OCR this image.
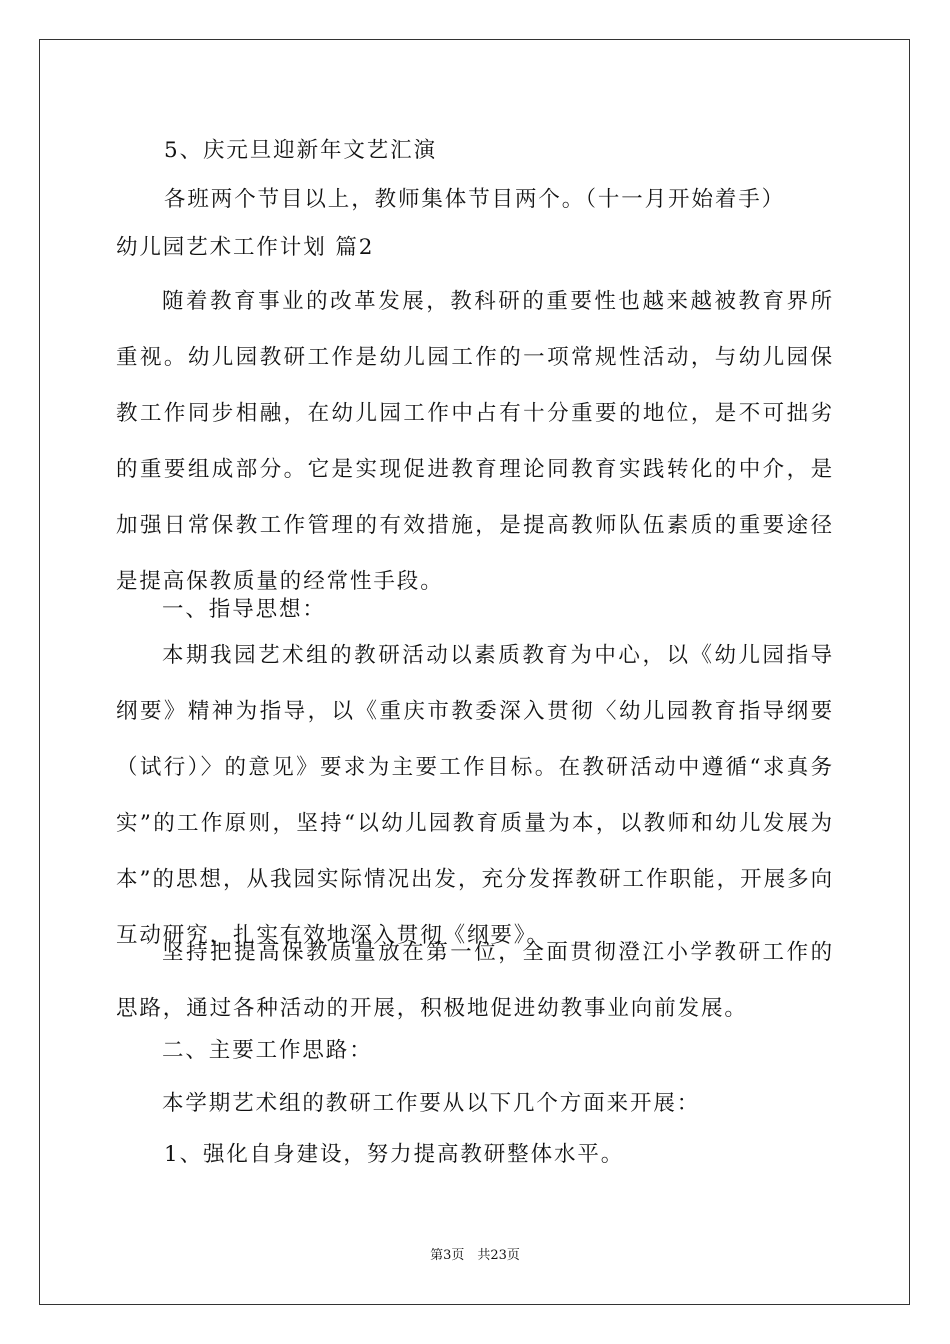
5、庆元旦迎新年文艺汇演
各班两个节目以上，教师集体节目两个。（十一月开始着手）
幼儿园艺术工作计划 篇2
随着教育事业的改革发展，教科研的重要性也越来越被教育界所重视。幼儿园教研工作是幼儿园工作的一项常规性活动，与幼儿园保教工作同步相融，在幼儿园工作中占有十分重要的地位，是不可拙劣的重要组成部分。它是实现促进教育理论同教育实践转化的中介，是加强日常保教工作管理的有效措施，是提高教师队伍素质的重要途径是提高保教质量的经常性手段。
一、指导思想：
本期我园艺术组的教研活动以素质教育为中心，以《幼儿园指导纲要》精神为指导，以《重庆市教委深入贯彻〈幼儿园教育指导纲要（试行）〉的意见》要求为主要工作目标。在教研活动中遵循“求真务实”的工作原则，坚持“以幼儿园教育质量为本，以教师和幼儿发展为本”的思想，从我园实际情况出发，充分发挥教研工作职能，开展多向互动研究，扎实有效地深入贯彻《纲要》。
坚持把提高保教质量放在第一位，全面贯彻澄江小学教研工作的思路，通过各种活动的开展，积极地促进幼教事业向前发展。
二、主要工作思路：
本学期艺术组的教研工作要从以下几个方面来开展：
1、强化自身建设，努力提高教研整体水平。
第3页　共23页
